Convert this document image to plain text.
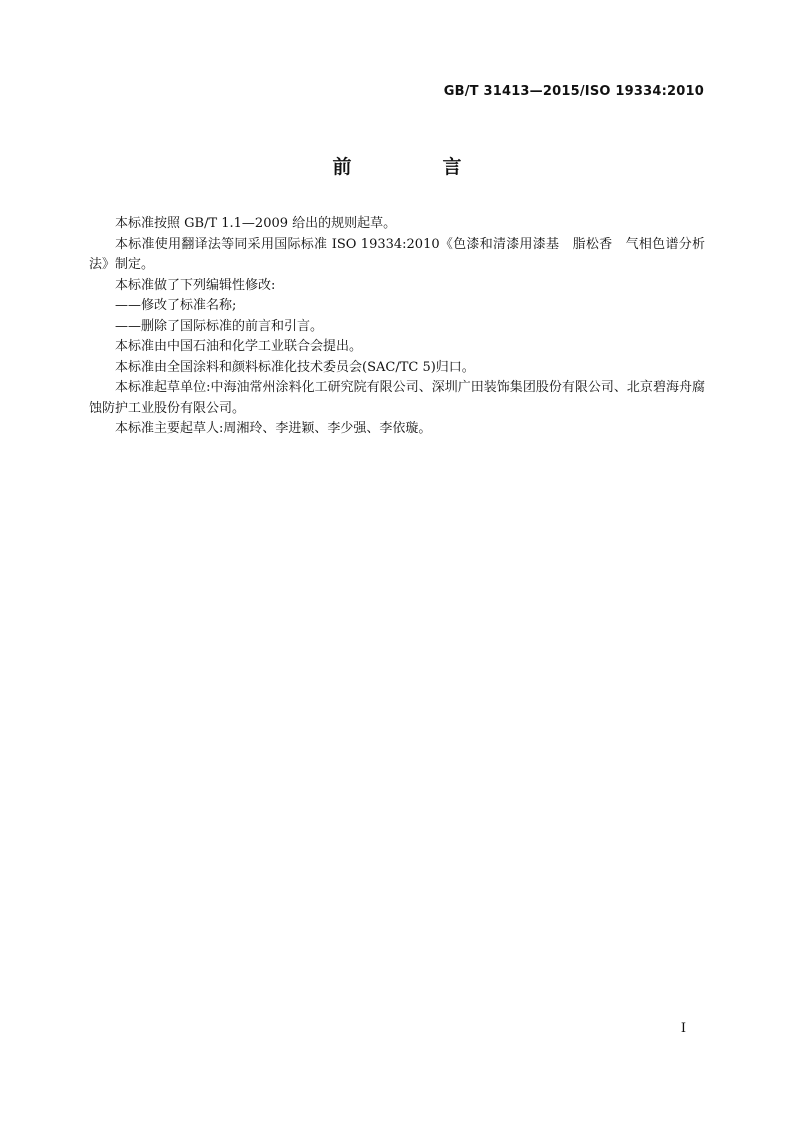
GB/T 31413—2015/ISO 19334:2010
前　言

本标准按照 GB/T 1.1—2009 给出的规则起草。

本标准使用翻译法等同采用国际标准 ISO 19334:2010《色漆和清漆用漆基　脂松香　气相色谱分析法》制定。

本标准做了下列编辑性修改:

——修改了标准名称;

——删除了国际标准的前言和引言。

本标准由中国石油和化学工业联合会提出。

本标准由全国涂料和颜料标准化技术委员会(SAC/TC 5)归口。

本标准起草单位:中海油常州涂料化工研究院有限公司、深圳广田装饰集团股份有限公司、北京碧海舟腐蚀防护工业股份有限公司。

本标准主要起草人:周湘玲、李进颖、李少强、李依璇。

I
